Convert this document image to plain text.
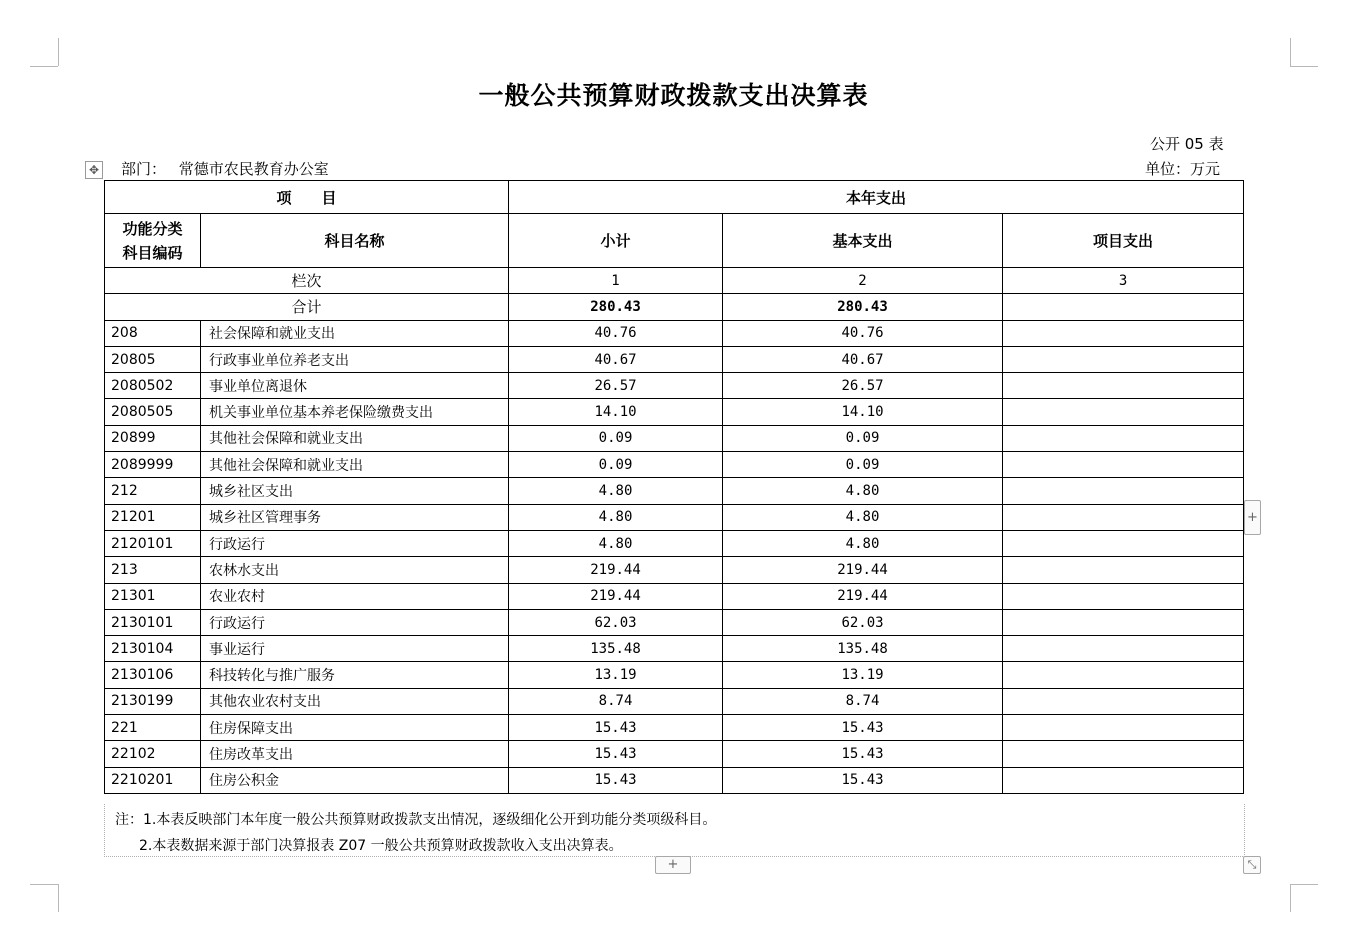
一般公共预算财政拨款支出决算表
公开 05 表
✥ 部门： 常德市农民教育办公室	单位：万元
项　　目		本年支出		
功能分类
科目编码	科目名称	小计	基本支出	项目支出
栏次		1	2	3
合计		280.43	280.43	
208	社会保障和就业支出	40.76	40.76	
20805	行政事业单位养老支出	40.67	40.67	
2080502	事业单位离退休	26.57	26.57	
2080505	机关事业单位基本养老保险缴费支出	14.10	14.10	
20899	其他社会保障和就业支出	0.09	0.09	
2089999	其他社会保障和就业支出	0.09	0.09	
212	城乡社区支出	4.80	4.80	
21201	城乡社区管理事务	4.80	4.80	
2120101	行政运行	4.80	4.80	
213	农林水支出	219.44	219.44	
21301	农业农村	219.44	219.44	
2130101	行政运行	62.03	62.03	
2130104	事业运行	135.48	135.48	
2130106	科技转化与推广服务	13.19	13.19	
2130199	其他农业农村支出	8.74	8.74	
221	住房保障支出	15.43	15.43	
22102	住房改革支出	15.43	15.43	
2210201	住房公积金	15.43	15.43	
+
注：1.本表反映部门本年度一般公共预算财政拨款支出情况，逐级细化公开到功能分类项级科目。
2.本表数据来源于部门决算报表 Z07 一般公共预算财政拨款收入支出决算表。
+	⤡
